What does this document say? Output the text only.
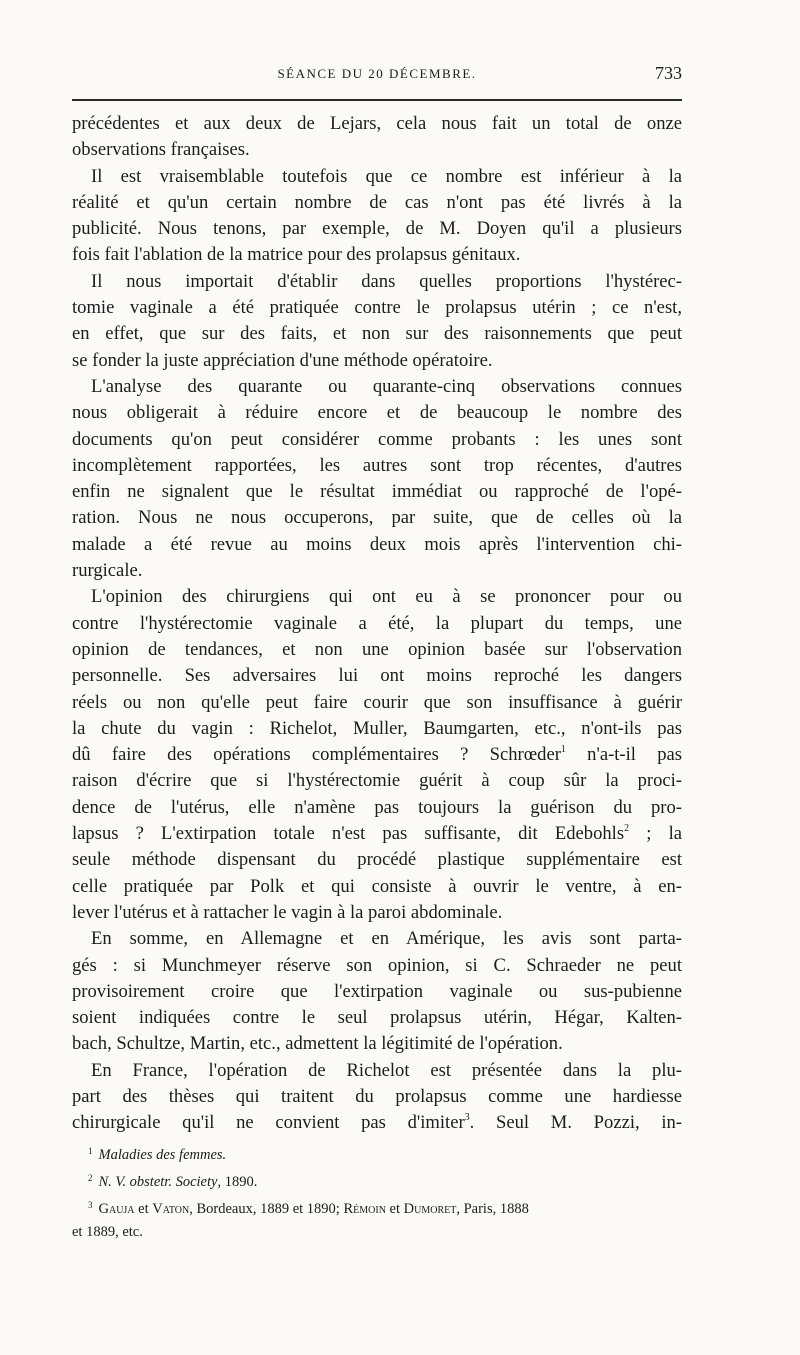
SÉANCE DU 20 DÉCEMBRE.	733
précédentes et aux deux de Lejars, cela nous fait un total de onze
observations françaises.
Il est vraisemblable toutefois que ce nombre est inférieur à la
réalité et qu'un certain nombre de cas n'ont pas été livrés à la
publicité. Nous tenons, par exemple, de M. Doyen qu'il a plusieurs
fois fait l'ablation de la matrice pour des prolapsus génitaux.
Il nous importait d'établir dans quelles proportions l'hystérec-
tomie vaginale a été pratiquée contre le prolapsus utérin ; ce n'est,
en effet, que sur des faits, et non sur des raisonnements que peut
se fonder la juste appréciation d'une méthode opératoire.
L'analyse des quarante ou quarante-cinq observations connues
nous obligerait à réduire encore et de beaucoup le nombre des
documents qu'on peut considérer comme probants : les unes sont
incomplètement rapportées, les autres sont trop récentes, d'autres
enfin ne signalent que le résultat immédiat ou rapproché de l'opé-
ration. Nous ne nous occuperons, par suite, que de celles où la
malade a été revue au moins deux mois après l'intervention chi-
rurgicale.
L'opinion des chirurgiens qui ont eu à se prononcer pour ou
contre l'hystérectomie vaginale a été, la plupart du temps, une
opinion de tendances, et non une opinion basée sur l'observation
personnelle. Ses adversaires lui ont moins reproché les dangers
réels ou non qu'elle peut faire courir que son insuffisance à guérir
la chute du vagin : Richelot, Muller, Baumgarten, etc., n'ont-ils pas
dû faire des opérations complémentaires ? Schrœder$^1$ n'a-t-il pas
raison d'écrire que si l'hystérectomie guérit à coup sûr la proci-
dence de l'utérus, elle n'amène pas toujours la guérison du pro-
lapsus ? L'extirpation totale n'est pas suffisante, dit Edebohls$^2$ ; la
seule méthode dispensant du procédé plastique supplémentaire est
celle pratiquée par Polk et qui consiste à ouvrir le ventre, à en-
lever l'utérus et à rattacher le vagin à la paroi abdominale.
En somme, en Allemagne et en Amérique, les avis sont parta-
gés : si Munchmeyer réserve son opinion, si C. Schraeder ne peut
provisoirement croire que l'extirpation vaginale ou sus-pubienne
soient indiquées contre le seul prolapsus utérin, Hégar, Kalten-
bach, Schultze, Martin, etc., admettent la légitimité de l'opération.
En France, l'opération de Richelot est présentée dans la plu-
part des thèses qui traitent du prolapsus comme une hardiesse
chirurgicale qu'il ne convient pas d'imiter$^3$. Seul M. Pozzi, in-
$^1$ Maladies des femmes.
$^2$ N. V. obstetr. Society, 1890.
$^3$ Gauja et Vaton, Bordeaux, 1889 et 1890; Rémoin et Dumoret, Paris, 1888
et 1889, etc.
